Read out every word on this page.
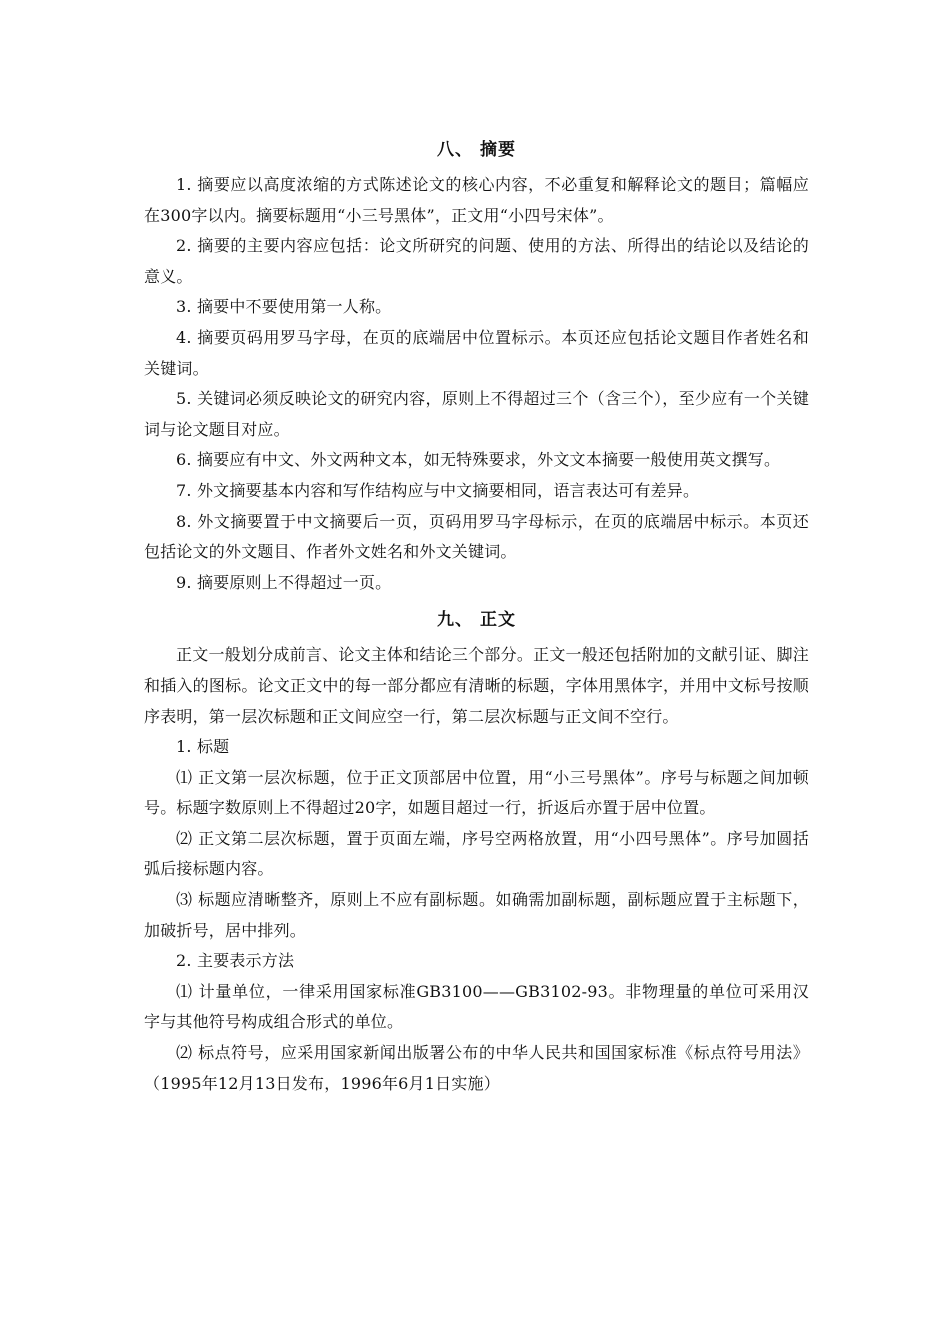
八、 摘要
1. 摘要应以高度浓缩的方式陈述论文的核心内容，不必重复和解释论文的题目；篇幅应在300字以内。摘要标题用“小三号黑体”，正文用“小四号宋体”。
2. 摘要的主要内容应包括：论文所研究的问题、使用的方法、所得出的结论以及结论的意义。
3. 摘要中不要使用第一人称。
4. 摘要页码用罗马字母，在页的底端居中位置标示。本页还应包括论文题目作者姓名和关键词。
5. 关键词必须反映论文的研究内容，原则上不得超过三个（含三个），至少应有一个关键词与论文题目对应。
6. 摘要应有中文、外文两种文本，如无特殊要求，外文文本摘要一般使用英文撰写。
7. 外文摘要基本内容和写作结构应与中文摘要相同，语言表达可有差异。
8. 外文摘要置于中文摘要后一页，页码用罗马字母标示，在页的底端居中标示。本页还包括论文的外文题目、作者外文姓名和外文关键词。
9. 摘要原则上不得超过一页。
九、 正文
正文一般划分成前言、论文主体和结论三个部分。正文一般还包括附加的文献引证、脚注和插入的图标。论文正文中的每一部分都应有清晰的标题，字体用黑体字，并用中文标号按顺序表明，第一层次标题和正文间应空一行，第二层次标题与正文间不空行。
1. 标题
⑴ 正文第一层次标题，位于正文顶部居中位置，用“小三号黑体”。序号与标题之间加顿号。标题字数原则上不得超过20字，如题目超过一行，折返后亦置于居中位置。
⑵ 正文第二层次标题，置于页面左端，序号空两格放置，用“小四号黑体”。序号加圆括弧后接标题内容。
⑶ 标题应清晰整齐，原则上不应有副标题。如确需加副标题，副标题应置于主标题下，加破折号，居中排列。
2. 主要表示方法
⑴ 计量单位，一律采用国家标准GB3100——GB3102-93。非物理量的单位可采用汉字与其他符号构成组合形式的单位。
⑵ 标点符号，应采用国家新闻出版署公布的中华人民共和国国家标准《标点符号用法》（1995年12月13日发布，1996年6月1日实施）
